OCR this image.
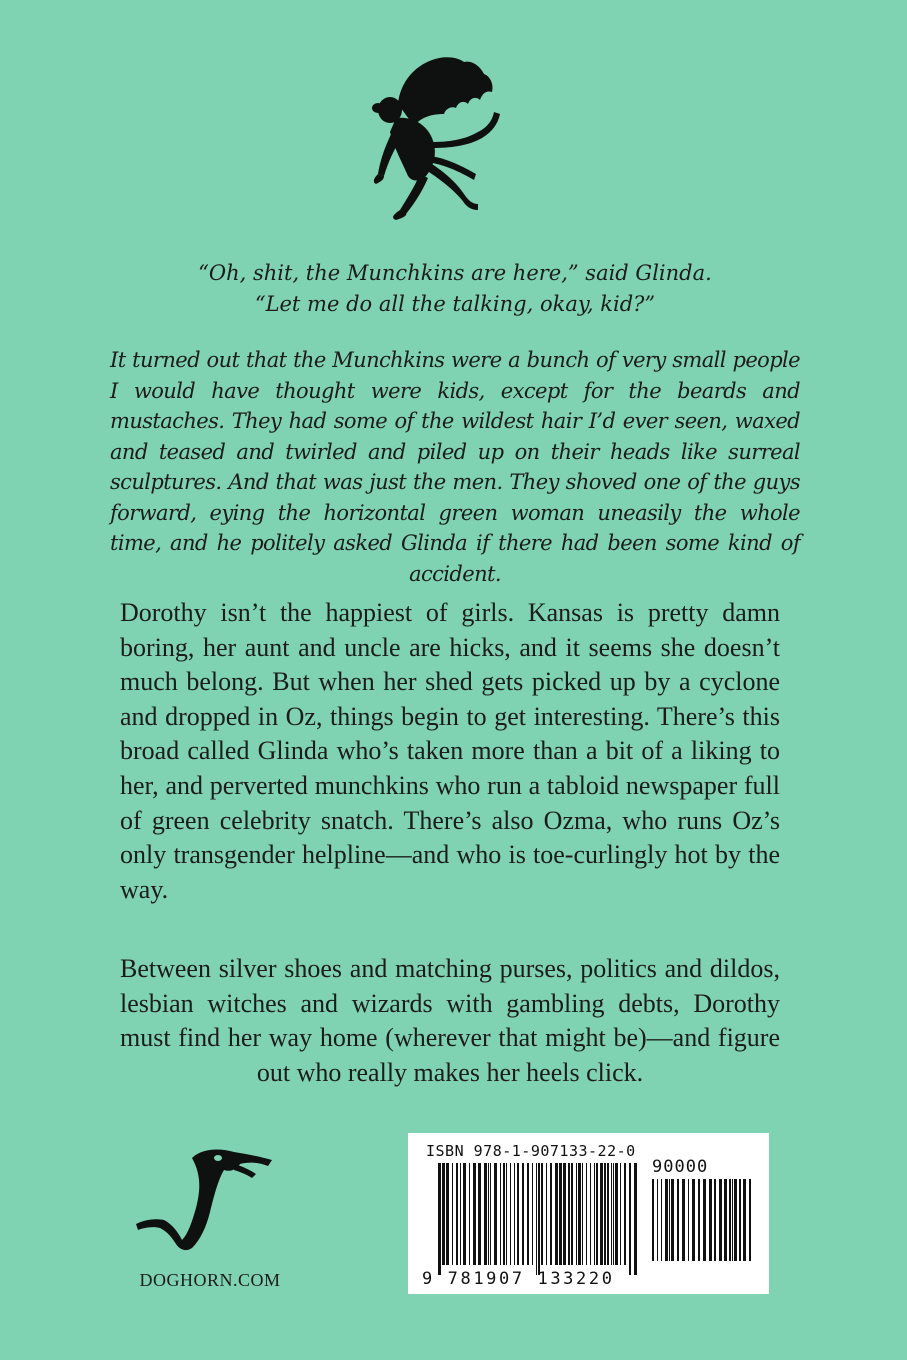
“Oh, shit, the Munchkins are here,” said Glinda.
“Let me do all the talking, okay, kid?”

It turned out that the Munchkins were a bunch of very small people I would have thought were kids, except for the beards and mustaches. They had some of the wildest hair I’d ever seen, waxed and teased and twirled and piled up on their heads like surreal sculptures. And that was just the men. They shoved one of the guys forward, eying the horizontal green woman uneasily the whole time, and he politely asked Glinda if there had been some kind of accident.

Dorothy isn’t the happiest of girls. Kansas is pretty damn boring, her aunt and uncle are hicks, and it seems she doesn’t much belong. But when her shed gets picked up by a cyclone and dropped in Oz, things begin to get interesting. There’s this broad called Glinda who’s taken more than a bit of a liking to her, and perverted munchkins who run a tabloid newspaper full of green celebrity snatch. There’s also Ozma, who runs Oz’s only transgender helpline—and who is toe-curlingly hot by the way.

Between silver shoes and matching purses, politics and dildos, lesbian witches and wizards with gambling debts, Dorothy must find her way home (wherever that might be)—and figure out who really makes her heels click.

DOGHORN.COM
ISBN 978-1-907133-22-0
90000
9 781907 133220
